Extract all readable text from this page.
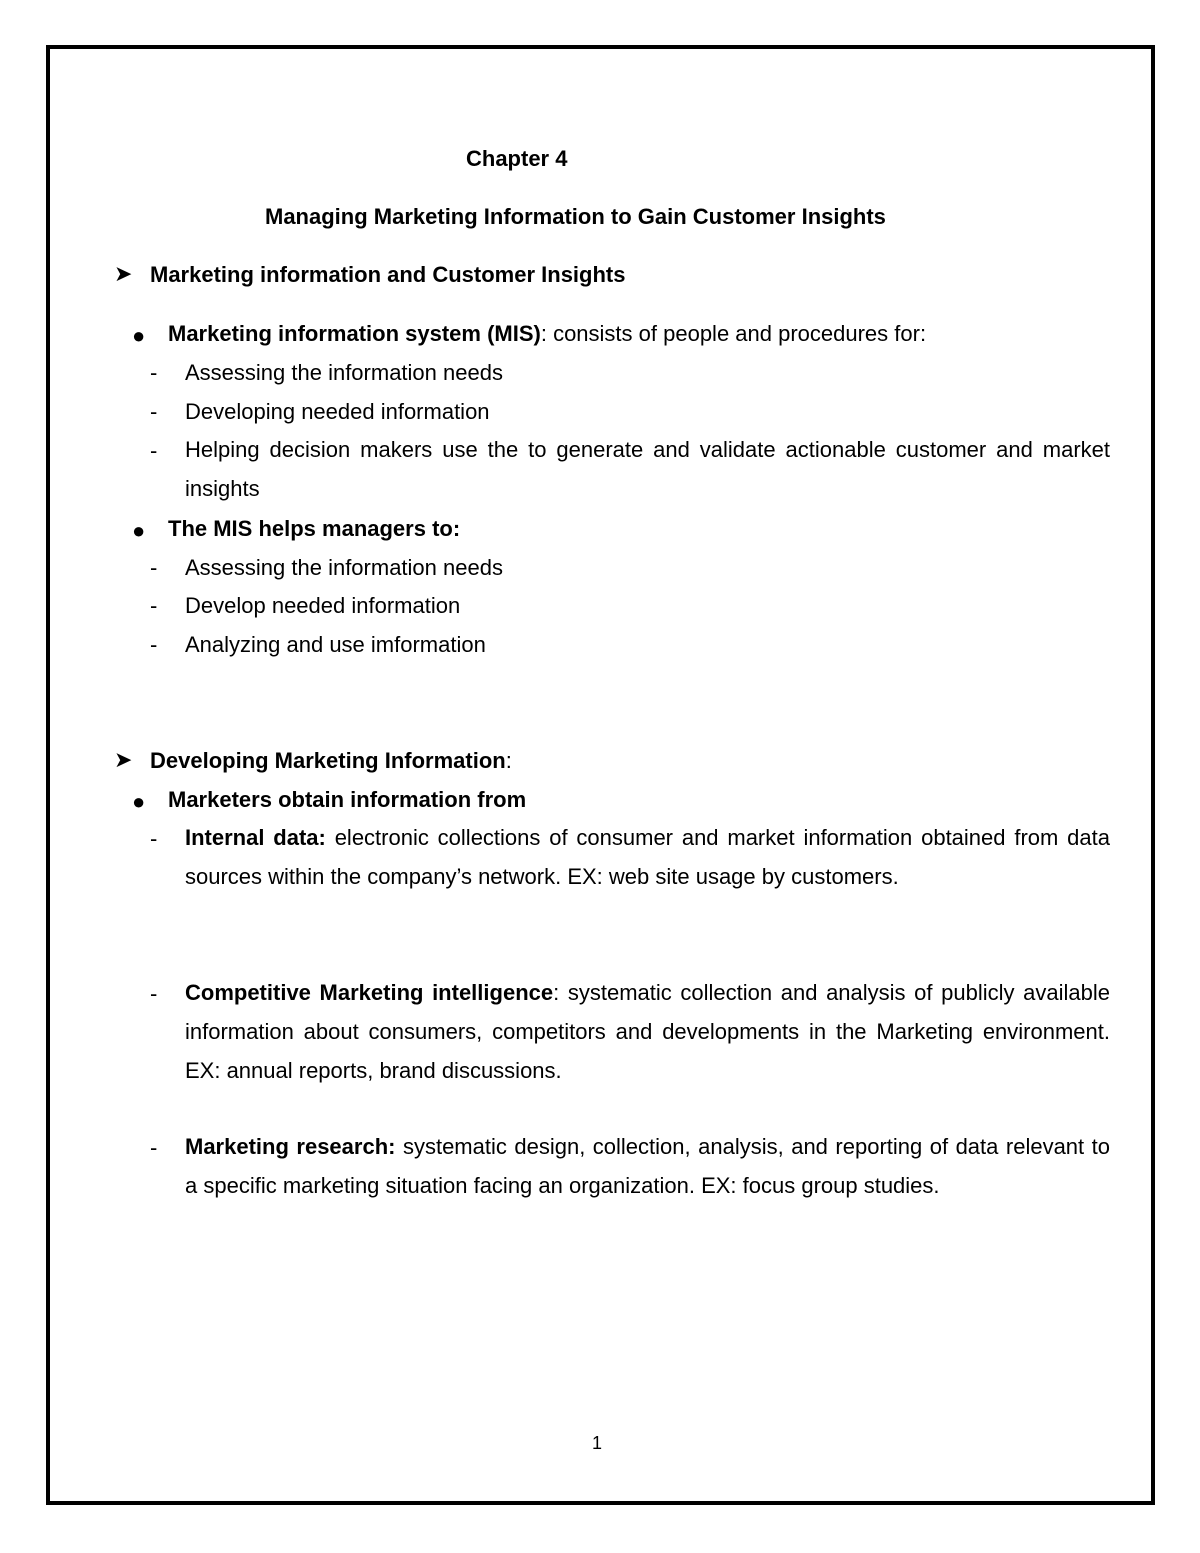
Chapter 4
Managing Marketing Information to Gain Customer Insights
➤ Marketing information and Customer Insights
● Marketing information system (MIS): consists of people and procedures for:
- Assessing the information needs
- Developing needed information
- Helping decision makers use the to generate and validate actionable customer and market insights
● The MIS helps managers to:
- Assessing the information needs
- Develop needed information
- Analyzing and use imformation
➤ Developing Marketing Information:
● Marketers obtain information from
- Internal data: electronic collections of consumer and market information obtained from data sources within the company’s network. EX: web site usage by customers.
- Competitive Marketing intelligence: systematic collection and analysis of publicly available information about consumers, competitors and developments in the Marketing environment. EX: annual reports, brand discussions.
- Marketing research: systematic design, collection, analysis, and reporting of data relevant to a specific marketing situation facing an organization. EX: focus group studies.
1
